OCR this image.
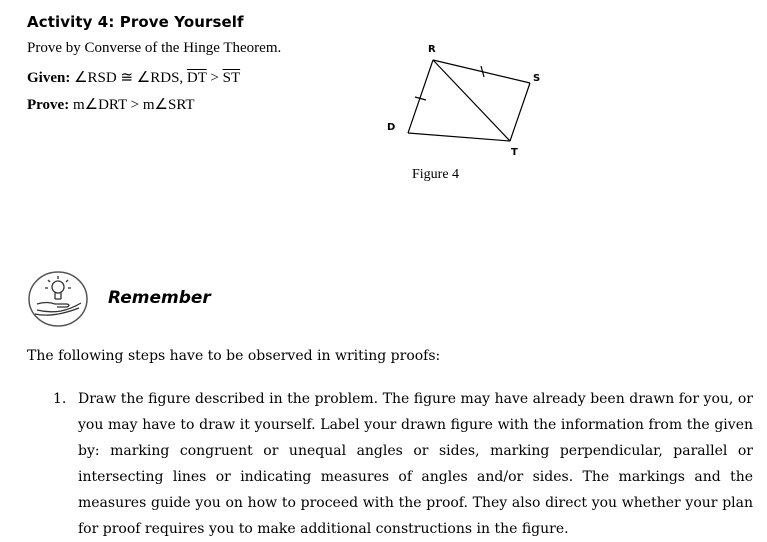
Activity 4: Prove Yourself
Prove by Converse of the Hinge Theorem.
Given: ∠RSD ≅ ∠RDS, $\overline{DT} > \overline{ST}$
Prove: m∠DRT > m∠SRT
R
S
D
T
Figure 4
Remember
The following steps have to be observed in writing proofs:
1. Draw the figure described in the problem. The figure may have already been drawn for you, or you may have to draw it yourself. Label your drawn figure with the information from the given by: marking congruent or unequal angles or sides, marking perpendicular, parallel or intersecting lines or indicating measures of angles and/or sides. The markings and the measures guide you on how to proceed with the proof. They also direct you whether your plan for proof requires you to make additional constructions in the figure.
